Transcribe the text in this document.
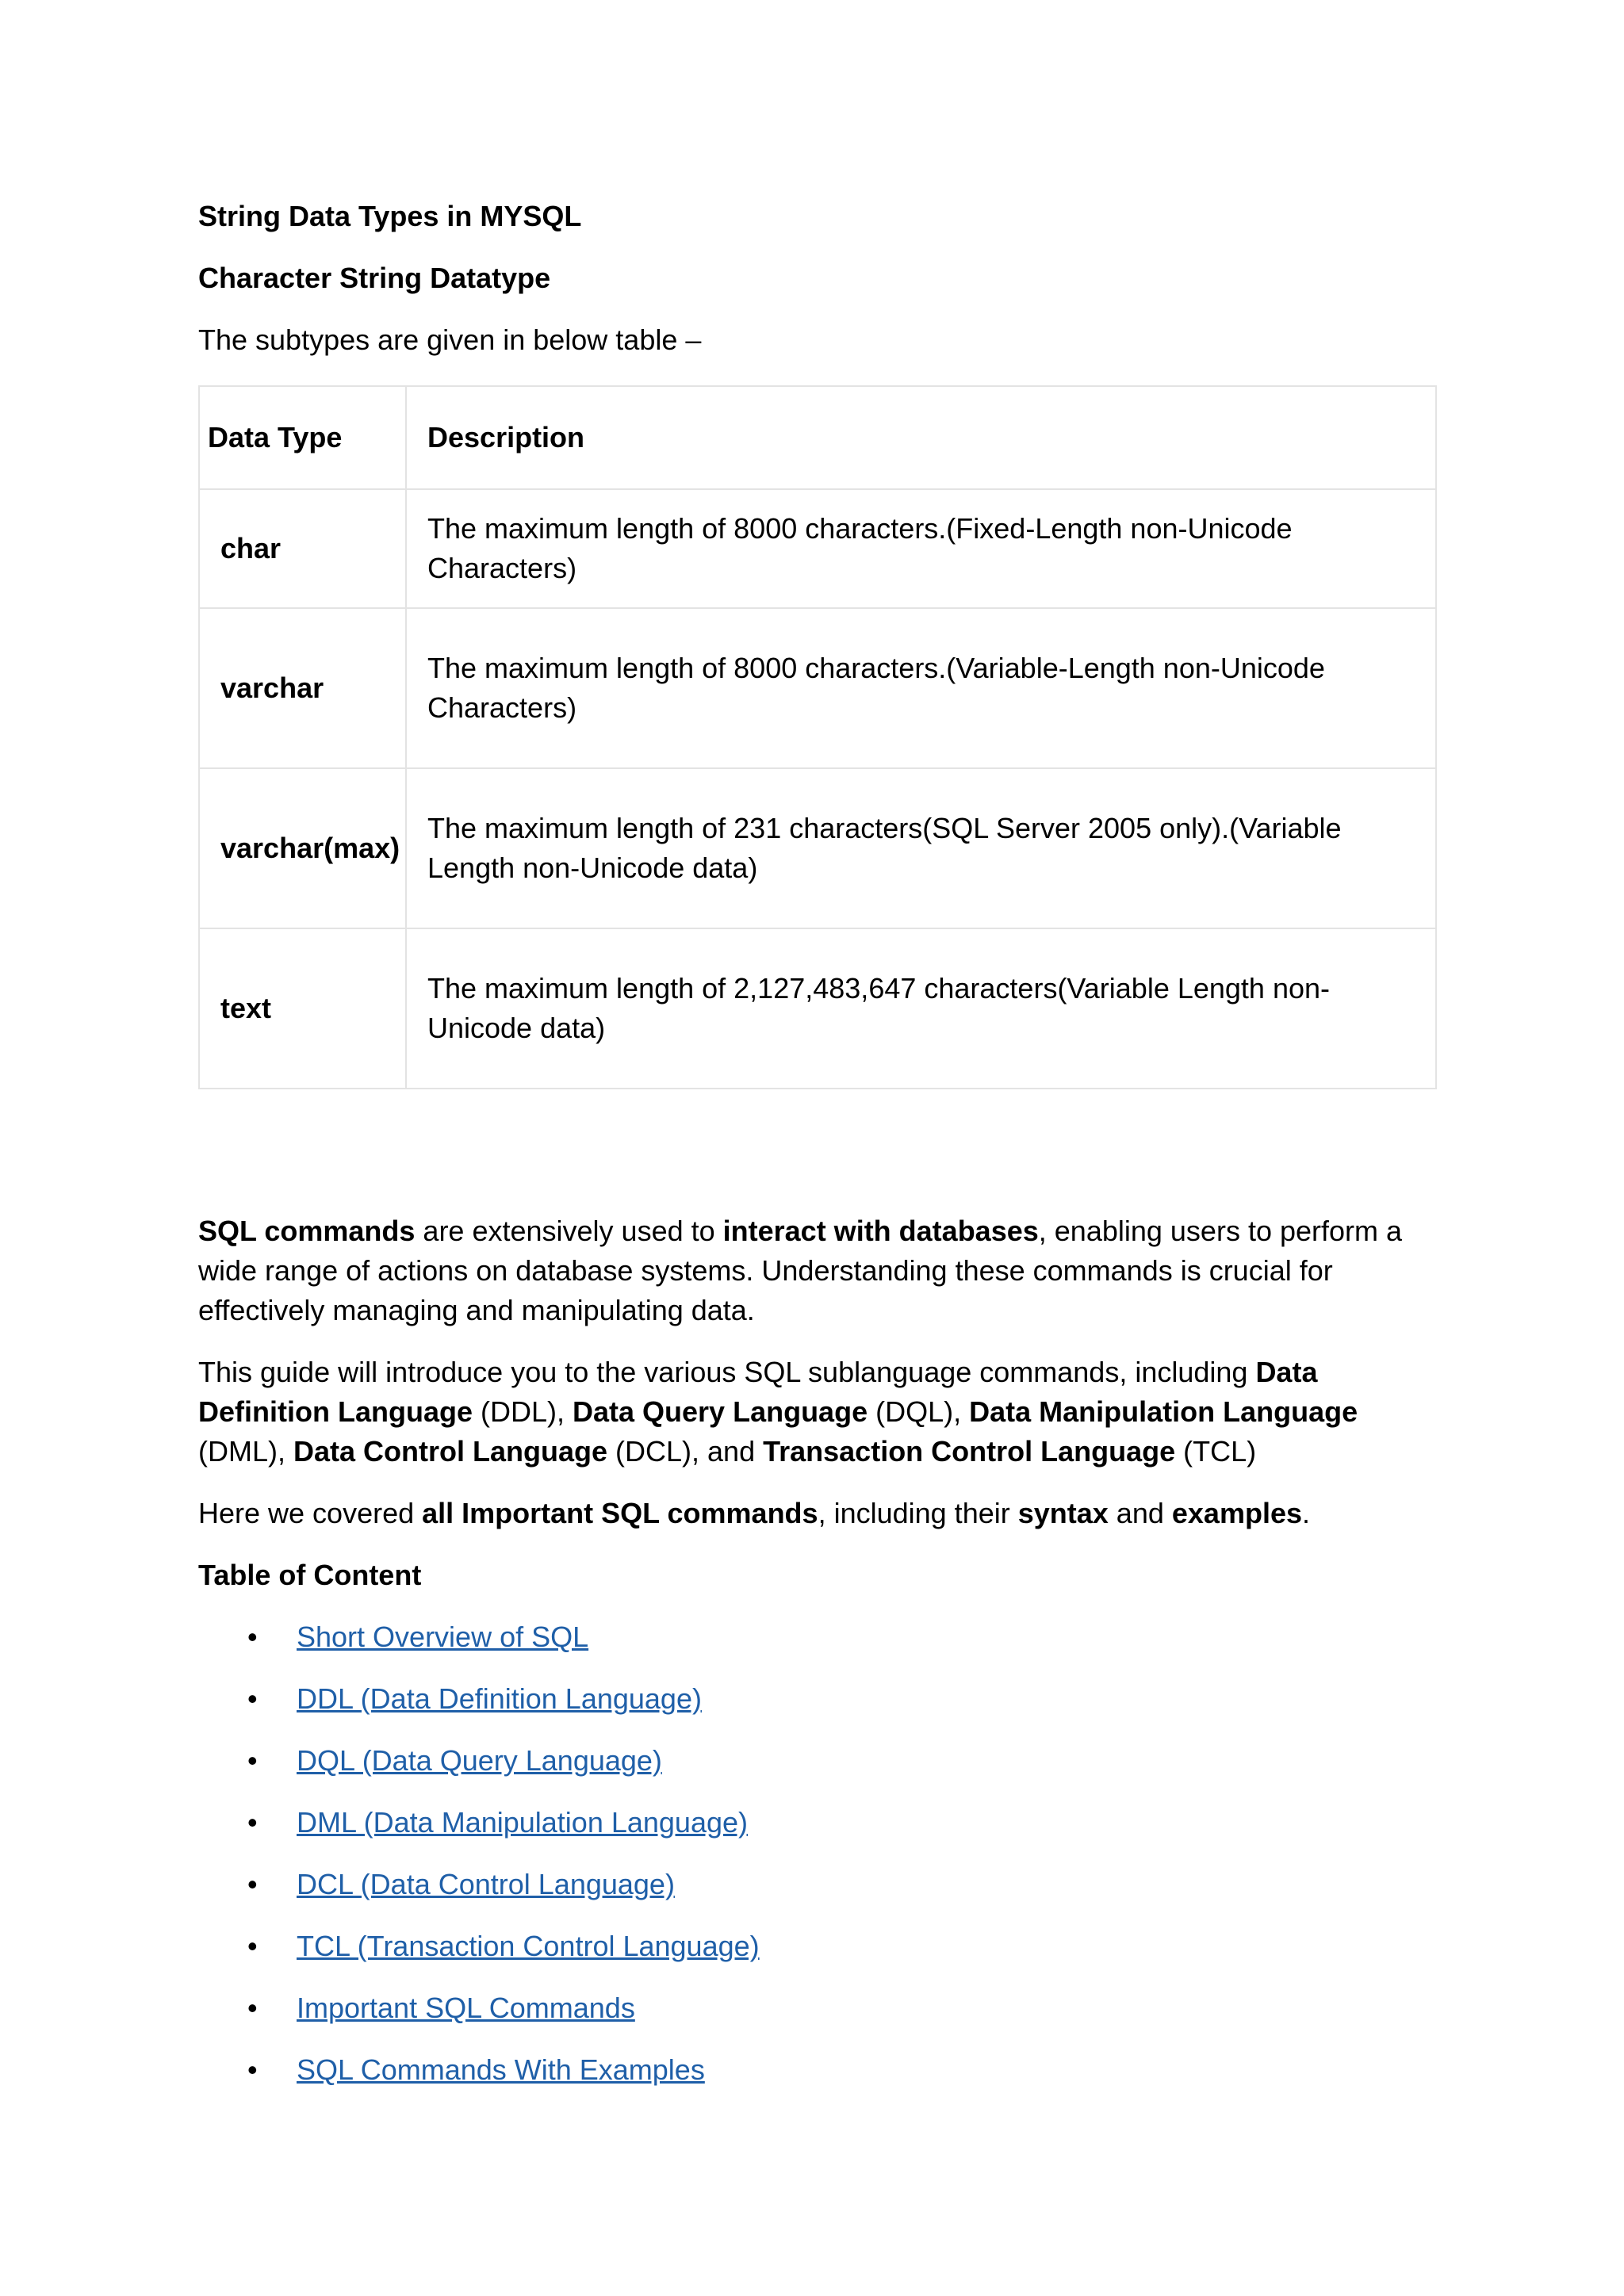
String Data Types in MYSQL

Character String Datatype

The subtypes are given in below table –

Data Type	Description
char	The maximum length of 8000 characters.(Fixed-Length non-Unicode Characters)
varchar	The maximum length of 8000 characters.(Variable-Length non-Unicode Characters)
varchar(max)	The maximum length of 231 characters(SQL Server 2005 only).(Variable Length non-Unicode data)
text	The maximum length of 2,127,483,647 characters(Variable Length non-Unicode data)

SQL commands are extensively used to interact with databases, enabling users to perform a wide range of actions on database systems. Understanding these commands is crucial for effectively managing and manipulating data.

This guide will introduce you to the various SQL sublanguage commands, including Data Definition Language (DDL), Data Query Language (DQL), Data Manipulation Language (DML), Data Control Language (DCL), and Transaction Control Language (TCL)

Here we covered all Important SQL commands, including their syntax and examples.

Table of Content

• Short Overview of SQL
• DDL (Data Definition Language)
• DQL (Data Query Language)
• DML (Data Manipulation Language)
• DCL (Data Control Language)
• TCL (Transaction Control Language)
• Important SQL Commands
• SQL Commands With Examples
